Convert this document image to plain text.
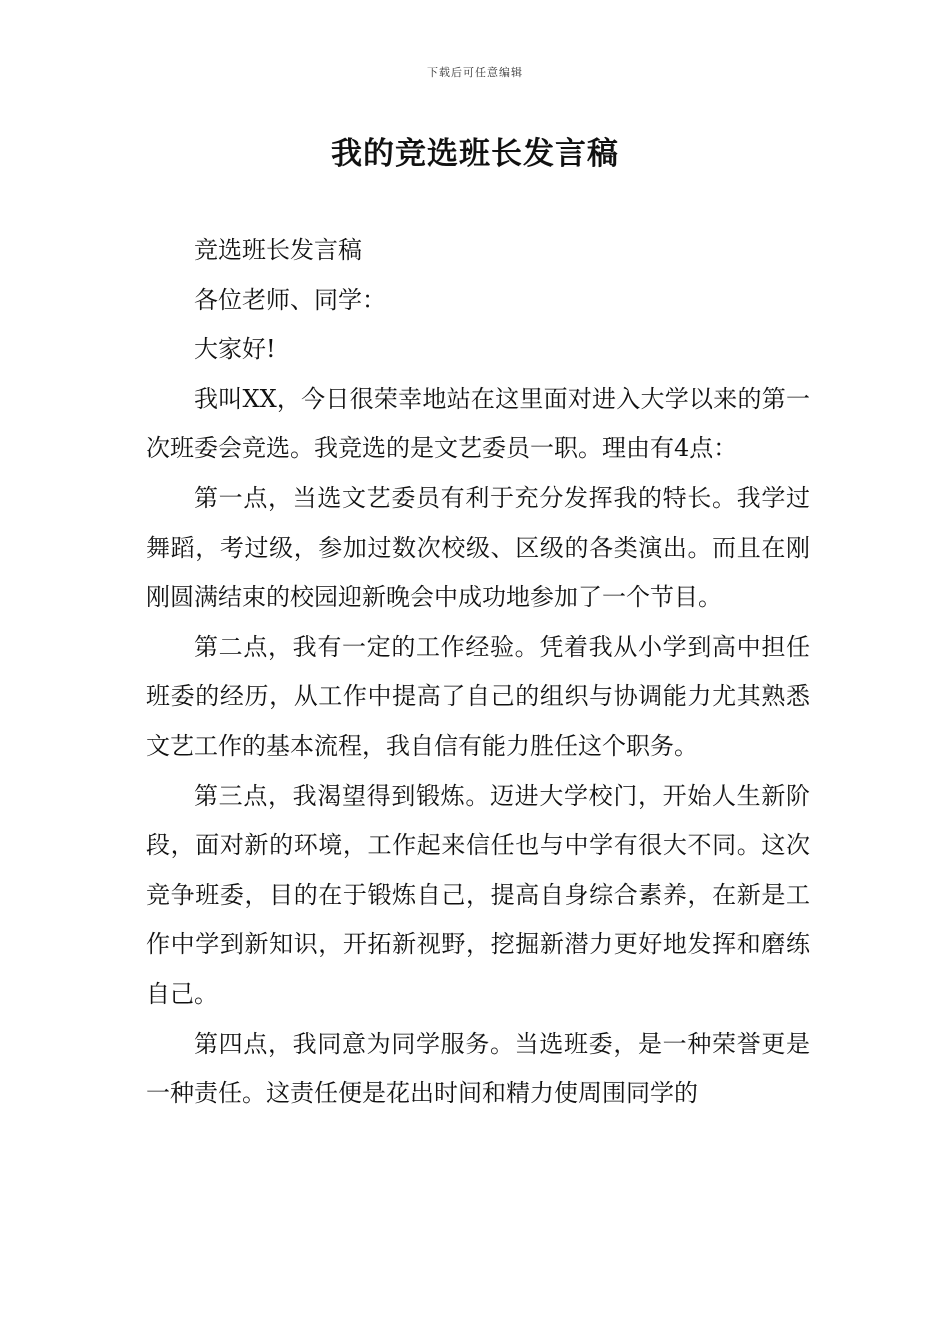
下载后可任意编辑
我的竞选班长发言稿

竞选班长发言稿

各位老师、同学：

大家好!

我叫XX，今日很荣幸地站在这里面对进入大学以来的第一次班委会竞选。我竞选的是文艺委员一职。理由有4点：

第一点，当选文艺委员有利于充分发挥我的特长。我学过舞蹈，考过级，参加过数次校级、区级的各类演出。而且在刚刚圆满结束的校园迎新晚会中成功地参加了一个节目。

第二点，我有一定的工作经验。凭着我从小学到高中担任班委的经历，从工作中提高了自己的组织与协调能力尤其熟悉文艺工作的基本流程，我自信有能力胜任这个职务。

第三点，我渴望得到锻炼。迈进大学校门，开始人生新阶段，面对新的环境，工作起来信任也与中学有很大不同。这次竞争班委，目的在于锻炼自己，提高自身综合素养，在新是工作中学到新知识，开拓新视野，挖掘新潜力更好地发挥和磨练自己。

第四点，我同意为同学服务。当选班委，是一种荣誉更是一种责任。这责任便是花出时间和精力使周围同学的
